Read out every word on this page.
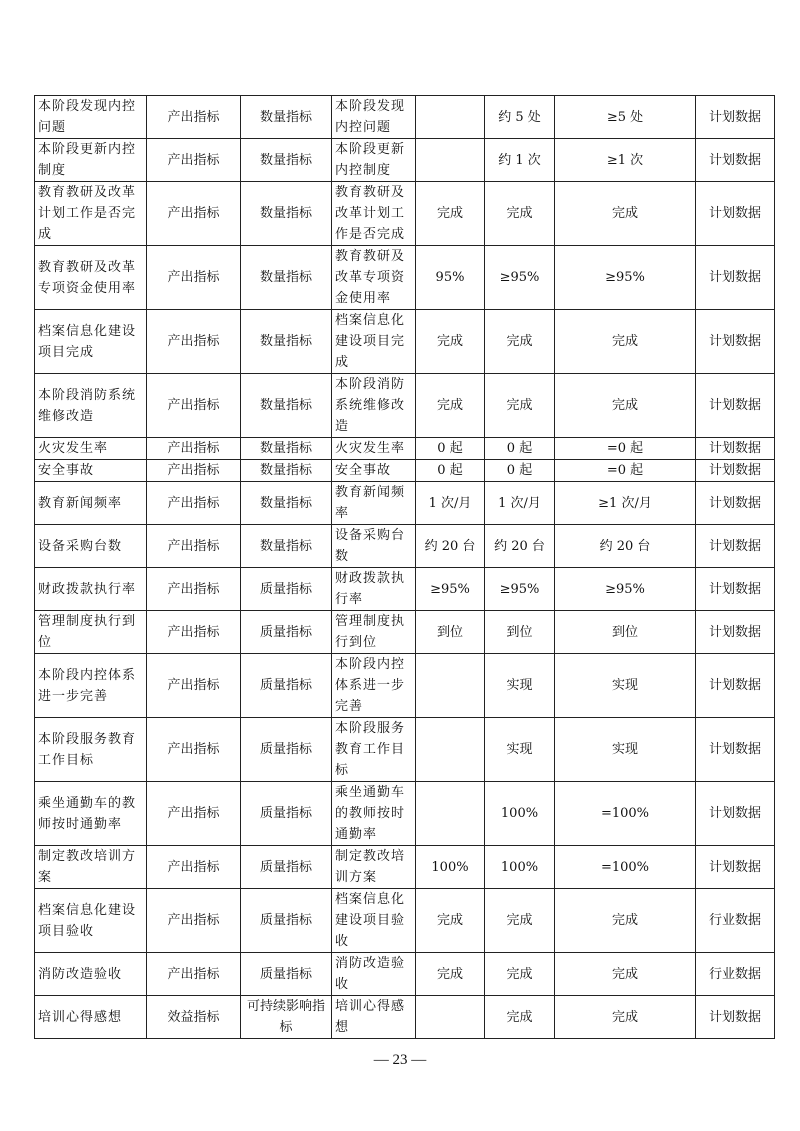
本阶段发现内控问题	产出指标	数量指标	本阶段发现内控问题		约 5 处	≥5 处	计划数据
本阶段更新内控制度	产出指标	数量指标	本阶段更新内控制度		约 1 次	≥1 次	计划数据
教育教研及改革计划工作是否完成	产出指标	数量指标	教育教研及改革计划工作是否完成	完成	完成	完成	计划数据
教育教研及改革专项资金使用率	产出指标	数量指标	教育教研及改革专项资金使用率	95%	≥95%	≥95%	计划数据
档案信息化建设项目完成	产出指标	数量指标	档案信息化建设项目完成	完成	完成	完成	计划数据
本阶段消防系统维修改造	产出指标	数量指标	本阶段消防系统维修改造	完成	完成	完成	计划数据
火灾发生率	产出指标	数量指标	火灾发生率	0 起	0 起	=0 起	计划数据
安全事故	产出指标	数量指标	安全事故	0 起	0 起	=0 起	计划数据
教育新闻频率	产出指标	数量指标	教育新闻频率	1 次/月	1 次/月	≥1 次/月	计划数据
设备采购台数	产出指标	数量指标	设备采购台数	约 20 台	约 20 台	约 20 台	计划数据
财政拨款执行率	产出指标	质量指标	财政拨款执行率	≥95%	≥95%	≥95%	计划数据
管理制度执行到位	产出指标	质量指标	管理制度执行到位	到位	到位	到位	计划数据
本阶段内控体系进一步完善	产出指标	质量指标	本阶段内控体系进一步完善		实现	实现	计划数据
本阶段服务教育工作目标	产出指标	质量指标	本阶段服务教育工作目标		实现	实现	计划数据
乘坐通勤车的教师按时通勤率	产出指标	质量指标	乘坐通勤车的教师按时通勤率		100%	=100%	计划数据
制定教改培训方案	产出指标	质量指标	制定教改培训方案	100%	100%	=100%	计划数据
档案信息化建设项目验收	产出指标	质量指标	档案信息化建设项目验收	完成	完成	完成	行业数据
消防改造验收	产出指标	质量指标	消防改造验收	完成	完成	完成	行业数据
培训心得感想	效益指标	可持续影响指标	培训心得感想		完成	完成	计划数据
— 23 —
